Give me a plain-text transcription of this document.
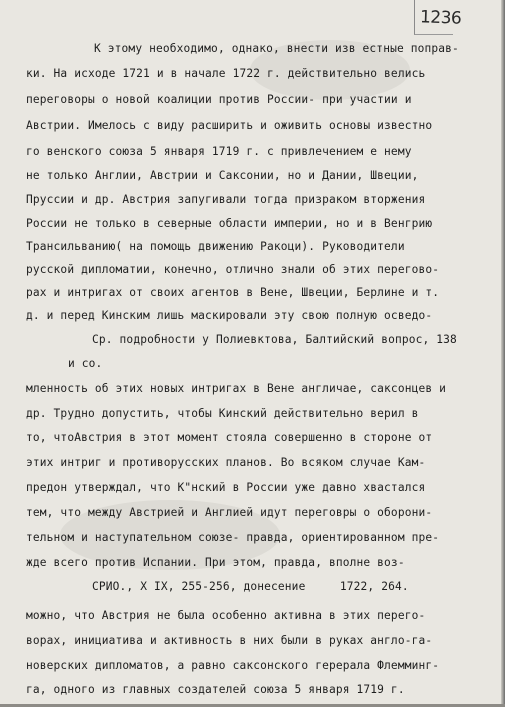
1236
К этому необходимо, однако, внести изв естные поправ-
ки. На исходе 1721 и в начале 1722 г. действительно велись
переговоры о новой коалиции против России- при участии и
Австрии. Имелось с виду расширить и оживить основы известно
го венского союза 5 января 1719 г. с привлечением е нему
не только Англии, Австрии и Саксонии, но и Дании, Швеции,
Пруссии и др. Австрия запугивали тогда призраком вторжения
России не только в северные области империи, но и в Венгрию
Трансильванию( на помощь движению Ракоци). Руководители
русской дипломатии, конечно, отлично знали об этих перегово-
рах и интригах от своих агентов в Вене, Швеции, Берлине и т.
д. и перед Кинским лишь маскировали эту свою полную осведо-
Ср. подробности у Полиевктова, Балтийский вопрос, 138
и со.
мленность об этих новых интригах в Вене англичае, саксонцев и
др. Трудно допустить, чтобы Кинский действительно верил в
то, чтоАвстрия в этот момент стояла совершенно в стороне от
этих интриг и противорусских планов. Во всяком случае Кам-
предон утверждал, что К"нский в России уже давно хвастался
тем, что между Австрией и Англией идут переговры о оборони-
тельном и наступательном союзе- правда, ориентированном пре-
жде всего против Испании. При этом, правда, вполне воз-
СРИО., Х IX, 255-256, донесение     1722, 264.
можно, что Австрия не была особенно активна в этих перего-
ворах, инициатива и активность в них были в руках англо-га-
новерских дипломатов, а равно саксонского герерала Флемминг-
га, одного из главных создателей союза 5 января 1719 г.
